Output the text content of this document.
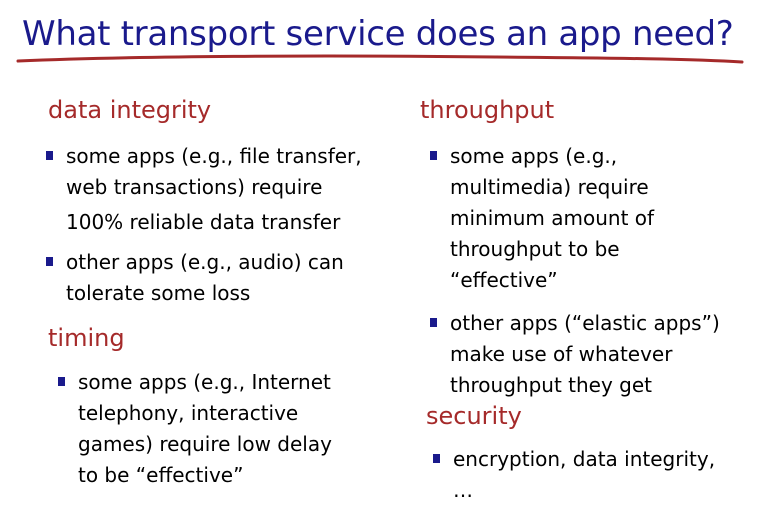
What transport service does an app need?
data integrity
some apps (e.g., file transfer,
web transactions) require
100% reliable data transfer
other apps (e.g., audio) can
tolerate some loss
timing
some apps (e.g., Internet
telephony, interactive
games) require low delay
to be “effective”
throughput
some apps (e.g.,
multimedia) require
minimum amount of
throughput to be
“effective”
other apps (“elastic apps”)
make use of whatever
throughput they get
security
encryption, data integrity,
…
